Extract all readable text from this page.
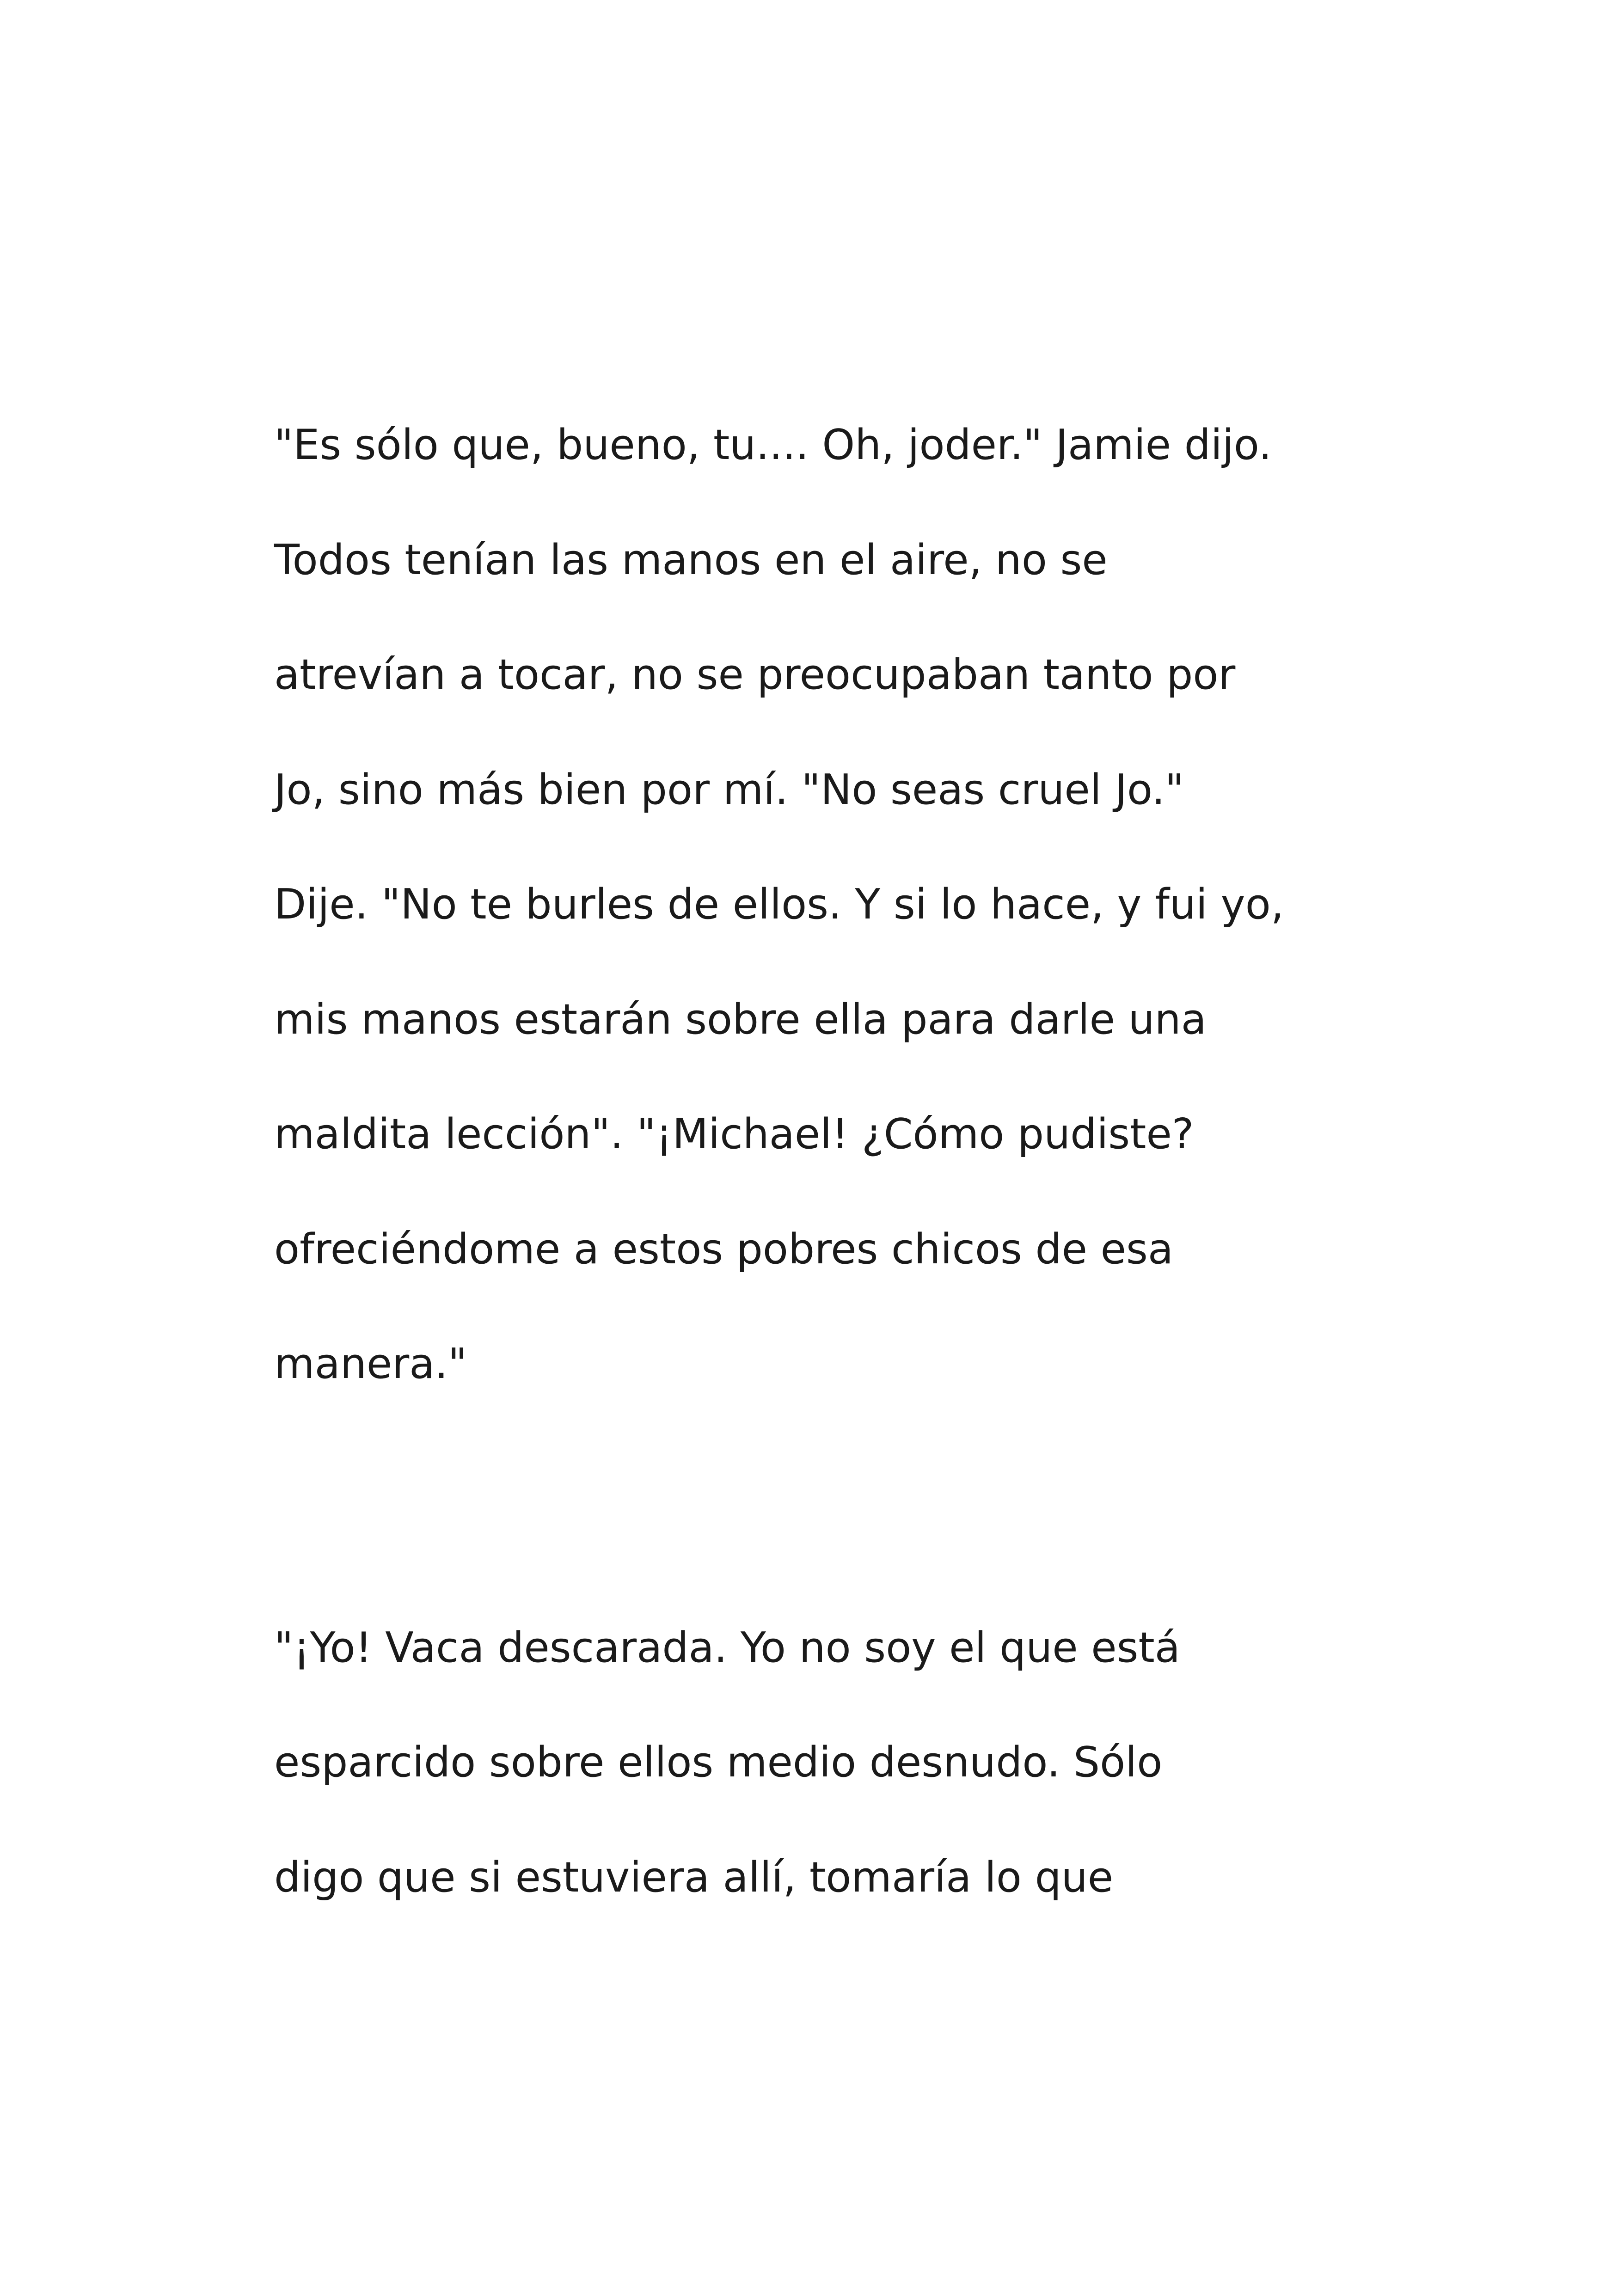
"Es sólo que, bueno, tu.... Oh, joder." Jamie dijo.
Todos tenían las manos en el aire, no se
atrevían a tocar, no se preocupaban tanto por
Jo, sino más bien por mí. "No seas cruel Jo."
Dije. "No te burles de ellos. Y si lo hace, y fui yo,
mis manos estarán sobre ella para darle una
maldita lección". "¡Michael! ¿Cómo pudiste?
ofreciéndome a estos pobres chicos de esa
manera."
"¡Yo! Vaca descarada. Yo no soy el que está
esparcido sobre ellos medio desnudo. Sólo
digo que si estuviera allí, tomaría lo que
